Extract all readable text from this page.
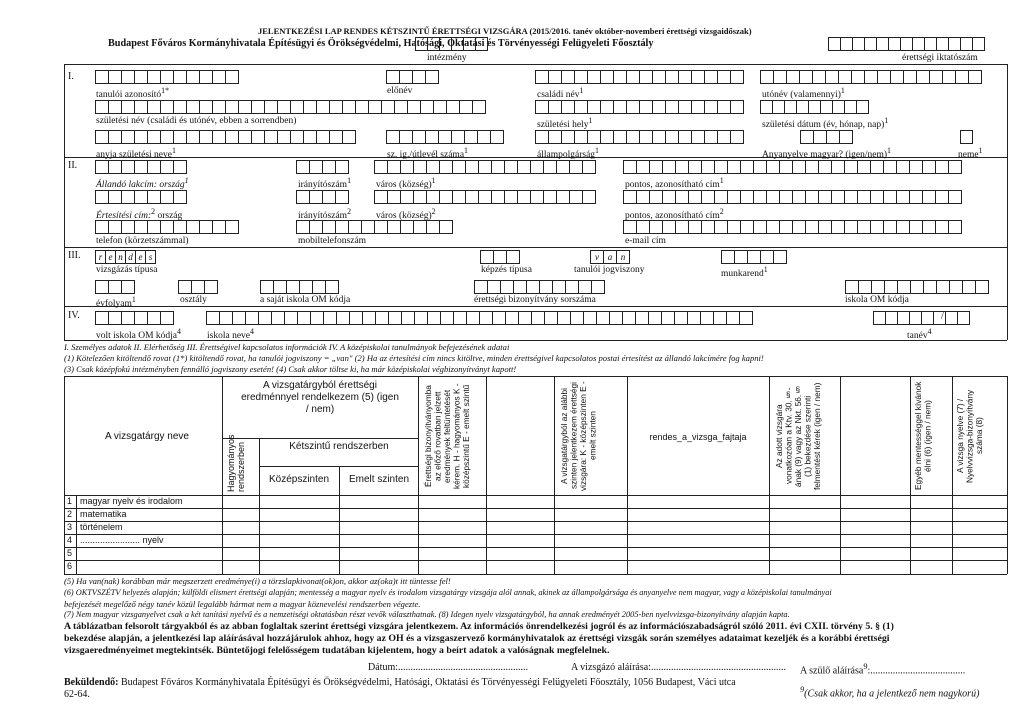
JELENTKEZÉSI LAP RENDES KÉTSZINTŰ ÉRETTSÉGI VIZSGÁRA (2015/2016. tanév október-novemberi érettségi vizsgaidőszak)
Budapest Főváros Kormányhivatala Építésügyi és Örökségvédelmi, Hatósági, Oktatási és Törvényességi Felügyeleti Főosztály
intézmény	érettségi iktatószám
I.
II.
III.
IV.
tanulói azonosító$^{1*}$	előnév	családi név$^1$	utónév (valamennyi)$^1$
születési név (családi és utónév, ebben a sorrendben)	születési hely$^1$	születési dátum (év, hónap, nap)$^1$
anyja születési neve$^1$	sz. ig./útlevél száma$^1$	állampolgárság$^1$	Anyanyelve magyar? (igen/nem)$^1$	neme$^1$
Állandó lakcím: ország$^1$	irányítószám$^1$	város (község)$^1$	pontos, azonosítható cím$^1$
Értesítési cím:$^2$ ország	irányítószám$^2$	város (község)$^2$	pontos, azonosítható cím$^2$
telefon (körzetszámmal)	mobiltelefonszám	e-mail cím
r e n d e s
vizsgázás típusa	képzés típusa
v a n
tanulói jogviszony	munkarend$^1$
évfolyam$^1$	osztály	a saját iskola OM kódja	érettségi bizonyítvány sorszáma	iskola OM kódja
volt iskola OM kódja$^4$	iskola neve$^4$
/
tanév$^4$
I. Személyes adatok II. Elérhetőség III. Érettségivel kapcsolatos információk IV. A középiskolai tanulmányok befejezésének adatai
(1) Kötelezően kitöltendő rovat (1*) kitöltendő rovat, ha tanulói jogviszony = „van" (2) Ha az értesítési cím nincs kitöltve, minden érettségivel kapcsolatos postai értesítést az állandó lakcímére fog kapni!
(3) Csak középfokú intézményben fennálló jogviszony esetén! (4) Csak akkor töltse ki, ha már középiskolai végbizonyítványt kapott!
A vizsgatárgy neve
A vizsgatárgyból érettségi eredménnyel rendelkezem (5) (igen / nem)
Hagyományos rendszerben	Kétszintű rendszerben
Középszinten	Emelt szinten	Érettségi bizonyítványomba az előző rovatban jelzett eredmények feltüntetését kérem. H - hagyományos K - középszintű E - emelt szintű	A vizsgatárgyból az alábbi szinten jelentkezem érettségi vizsgára: K - középszinten E - emelt szinten	rendes_a_vizsga_fajtaja	Az adott vizsgára vonatkozóan a Ktv. 30.§-ának (9) vagy az Nkt. 56.§ (1) bekezdése szerinti felmentést kérek (igen / nem)	Egyéb mentességgel kívánok élni (6) (igen / nem)	A vizsga nyelve (7) / Nyelvvizsga-bizonyítvány száma (8)
1 magyar nyelv és irodalom
2 matematika
3 történelem
4 ........................ nyelv
5
6
(5) Ha van(nak) korábban már megszerzett eredménye(i) a törzslapkivonat(ok)on, akkor az(oka)t itt tüntesse fel!
(6) OKTVSZÉTV helyezés alapján; külföldi elismert érettségi alapján; mentesség a magyar nyelv és irodalom vizsgatárgy vizsgája alól annak, akinek az állampolgársága és anyanyelve nem magyar, vagy a középiskolai tanulmányai
befejezését megelőző négy tanév közül legalább hármat nem a magyar köznevelési rendszerben végezte.
(7) Nem magyar vizsganyelvet csak a két tanítási nyelvű és a nemzetiségi oktatásban részt vevők választhatnak. (8) Idegen nyelv vizsgatárgyból, ha annak eredményét 2005-ben nyelvvizsga-bizonyítvány alapján kapta.
A táblázatban felsorolt tárgyakból és az abban foglaltak szerint érettségi vizsgára jelentkezem. Az információs önrendelkezési jogról és az információszabadságról szóló 2011. évi CXII. törvény 5. § (1)
bekezdése alapján, a jelentkezési lap aláírásával hozzájárulok ahhoz, hogy az OH és a vizsgaszervező kormányhivatalok az érettségi vizsgák során személyes adataimat kezeljék és a korábbi érettségi
vizsgaeredményeimet megtekintsék. Büntetőjogi felelősségem tudatában kijelentem, hogy a beírt adatok a valóságnak megfelelnek.
Dátum:....................................................	A vizsgázó aláírása:...................................................... A szülő aláírása$^9$:......................................
Beküldendő: Budapest Főváros Kormányhivatala Építésügyi és Örökségvédelmi, Hatósági, Oktatási és Törvényességi Felügyeleti Főosztály, 1056 Budapest, Váci utca
62-64.	$^9$(Csak akkor, ha a jelentkező nem nagykorú)
